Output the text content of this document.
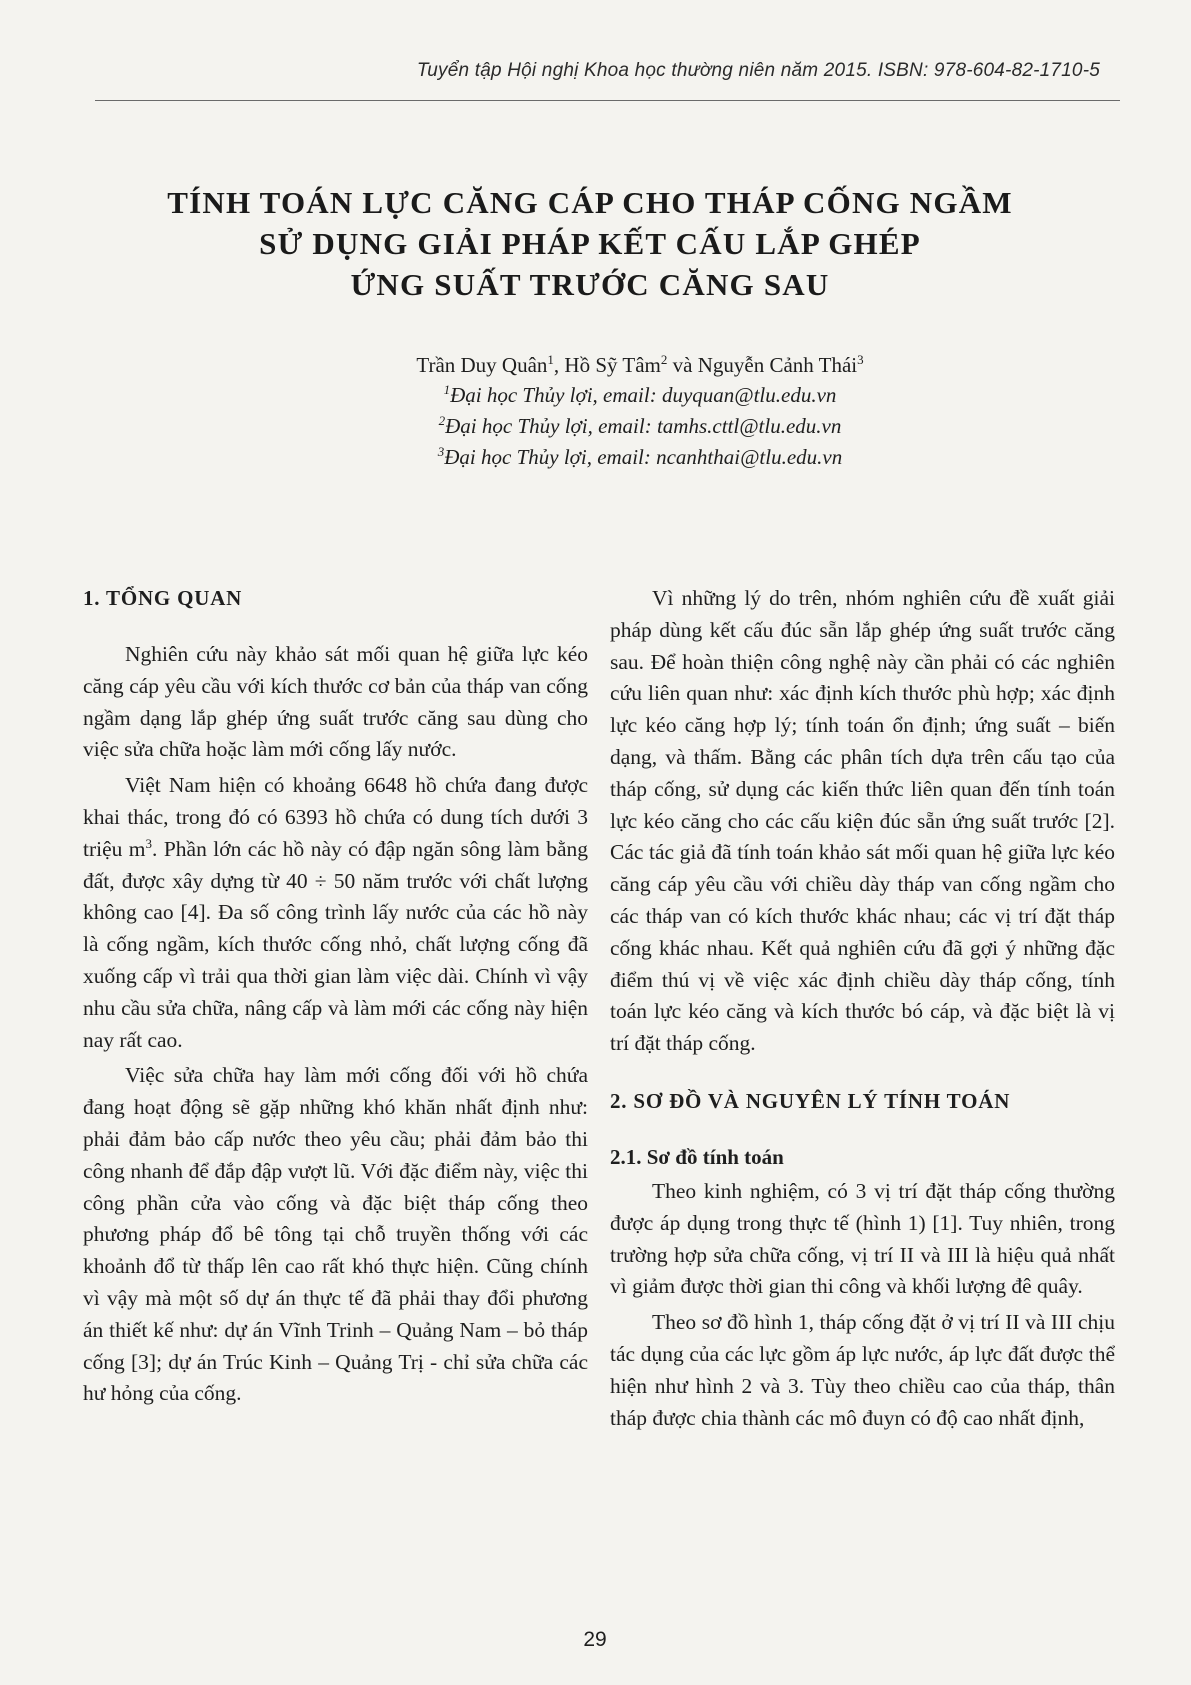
Tuyển tập Hội nghị Khoa học thường niên năm 2015. ISBN: 978-604-82-1710-5
TÍNH TOÁN LỰC CĂNG CÁP CHO THÁP CỐNG NGẦM
SỬ DỤNG GIẢI PHÁP KẾT CẤU LẮP GHÉP
ỨNG SUẤT TRƯỚC CĂNG SAU
Trần Duy Quân$^1$, Hồ Sỹ Tâm$^2$ và Nguyễn Cảnh Thái$^3$
$^1$Đại học Thủy lợi, email: duyquan@tlu.edu.vn
$^2$Đại học Thủy lợi, email: tamhs.cttl@tlu.edu.vn
$^3$Đại học Thủy lợi, email: ncanhthai@tlu.edu.vn
1. TỔNG QUAN

Nghiên cứu này khảo sát mối quan hệ giữa lực kéo căng cáp yêu cầu với kích thước cơ bản của tháp van cống ngầm dạng lắp ghép ứng suất trước căng sau dùng cho việc sửa chữa hoặc làm mới cống lấy nước.

Việt Nam hiện có khoảng 6648 hồ chứa đang được khai thác, trong đó có 6393 hồ chứa có dung tích dưới 3 triệu $m^3$. Phần lớn các hồ này có đập ngăn sông làm bằng đất, được xây dựng từ 40 ÷ 50 năm trước với chất lượng không cao [4]. Đa số công trình lấy nước của các hồ này là cống ngầm, kích thước cống nhỏ, chất lượng cống đã xuống cấp vì trải qua thời gian làm việc dài. Chính vì vậy nhu cầu sửa chữa, nâng cấp và làm mới các cống này hiện nay rất cao.

Việc sửa chữa hay làm mới cống đối với hồ chứa đang hoạt động sẽ gặp những khó khăn nhất định như: phải đảm bảo cấp nước theo yêu cầu; phải đảm bảo thi công nhanh để đắp đập vượt lũ. Với đặc điểm này, việc thi công phần cửa vào cống và đặc biệt tháp cống theo phương pháp đổ bê tông tại chỗ truyền thống với các khoảnh đổ từ thấp lên cao rất khó thực hiện. Cũng chính vì vậy mà một số dự án thực tế đã phải thay đổi phương án thiết kế như: dự án Vĩnh Trinh – Quảng Nam – bỏ tháp cống [3]; dự án Trúc Kinh – Quảng Trị - chỉ sửa chữa các hư hỏng của cống.

Vì những lý do trên, nhóm nghiên cứu đề xuất giải pháp dùng kết cấu đúc sẵn lắp ghép ứng suất trước căng sau. Để hoàn thiện công nghệ này cần phải có các nghiên cứu liên quan như: xác định kích thước phù hợp; xác định lực kéo căng hợp lý; tính toán ổn định; ứng suất – biến dạng, và thấm. Bằng các phân tích dựa trên cấu tạo của tháp cống, sử dụng các kiến thức liên quan đến tính toán lực kéo căng cho các cấu kiện đúc sẵn ứng suất trước [2]. Các tác giả đã tính toán khảo sát mối quan hệ giữa lực kéo căng cáp yêu cầu với chiều dày tháp van cống ngầm cho các tháp van có kích thước khác nhau; các vị trí đặt tháp cống khác nhau. Kết quả nghiên cứu đã gợi ý những đặc điểm thú vị về việc xác định chiều dày tháp cống, tính toán lực kéo căng và kích thước bó cáp, và đặc biệt là vị trí đặt tháp cống.

2. SƠ ĐỒ VÀ NGUYÊN LÝ TÍNH TOÁN
2.1. Sơ đồ tính toán

Theo kinh nghiệm, có 3 vị trí đặt tháp cống thường được áp dụng trong thực tế (hình 1) [1]. Tuy nhiên, trong trường hợp sửa chữa cống, vị trí II và III là hiệu quả nhất vì giảm được thời gian thi công và khối lượng đê quây.

Theo sơ đồ hình 1, tháp cống đặt ở vị trí II và III chịu tác dụng của các lực gồm áp lực nước, áp lực đất được thể hiện như hình 2 và 3. Tùy theo chiều cao của tháp, thân tháp được chia thành các mô đuyn có độ cao nhất định,

29
